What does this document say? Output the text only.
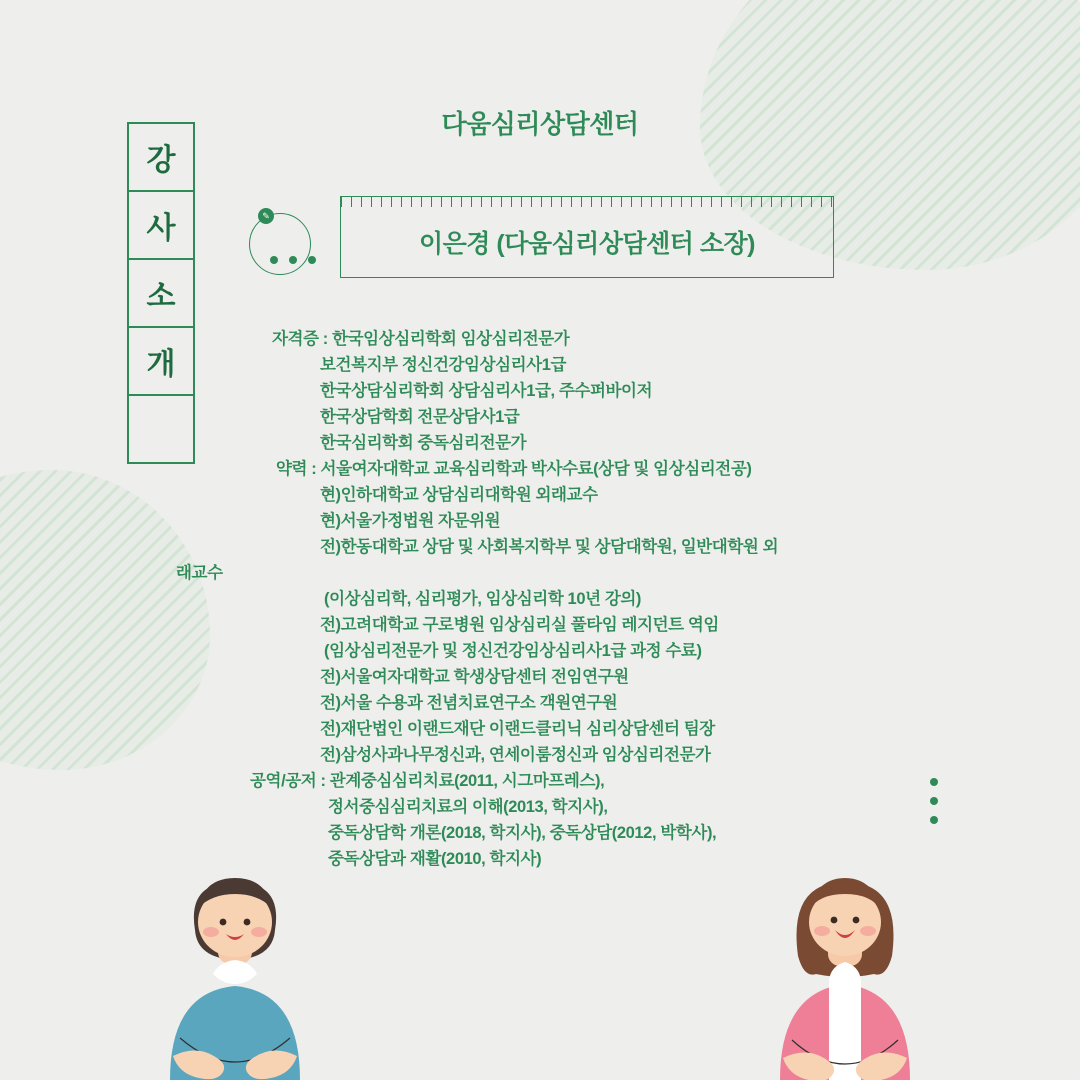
다움심리상담센터
강
사
소
개
✎
이은경 (다움심리상담센터 소장)
자격증 : 한국임상심리학회 임상심리전문가
보건복지부 정신건강임상심리사1급
한국상담심리학회 상담심리사1급, 주수퍼바이저
한국상담학회 전문상담사1급
한국심리학회 중독심리전문가
약력 : 서울여자대학교 교육심리학과 박사수료(상담 및 임상심리전공)
현)인하대학교 상담심리대학원 외래교수
현)서울가정법원 자문위원
전)한동대학교 상담 및 사회복지학부 및 상담대학원, 일반대학원 외
래교수
(이상심리학, 심리평가, 임상심리학 10년 강의)
전)고려대학교 구로병원 임상심리실 풀타임 레지던트 역임
(임상심리전문가 및 정신건강임상심리사1급 과정 수료)
전)서울여자대학교 학생상담센터 전임연구원
전)서울 수용과 전념치료연구소 객원연구원
전)재단법인 이랜드재단 이랜드클리닉 심리상담센터 팀장
전)삼성사과나무정신과, 연세이룸정신과 임상심리전문가
공역/공저 : 관계중심심리치료(2011, 시그마프레스),
정서중심심리치료의 이해(2013, 학지사),
중독상담학 개론(2018, 학지사), 중독상담(2012, 박학사),
중독상담과 재활(2010, 학지사)
